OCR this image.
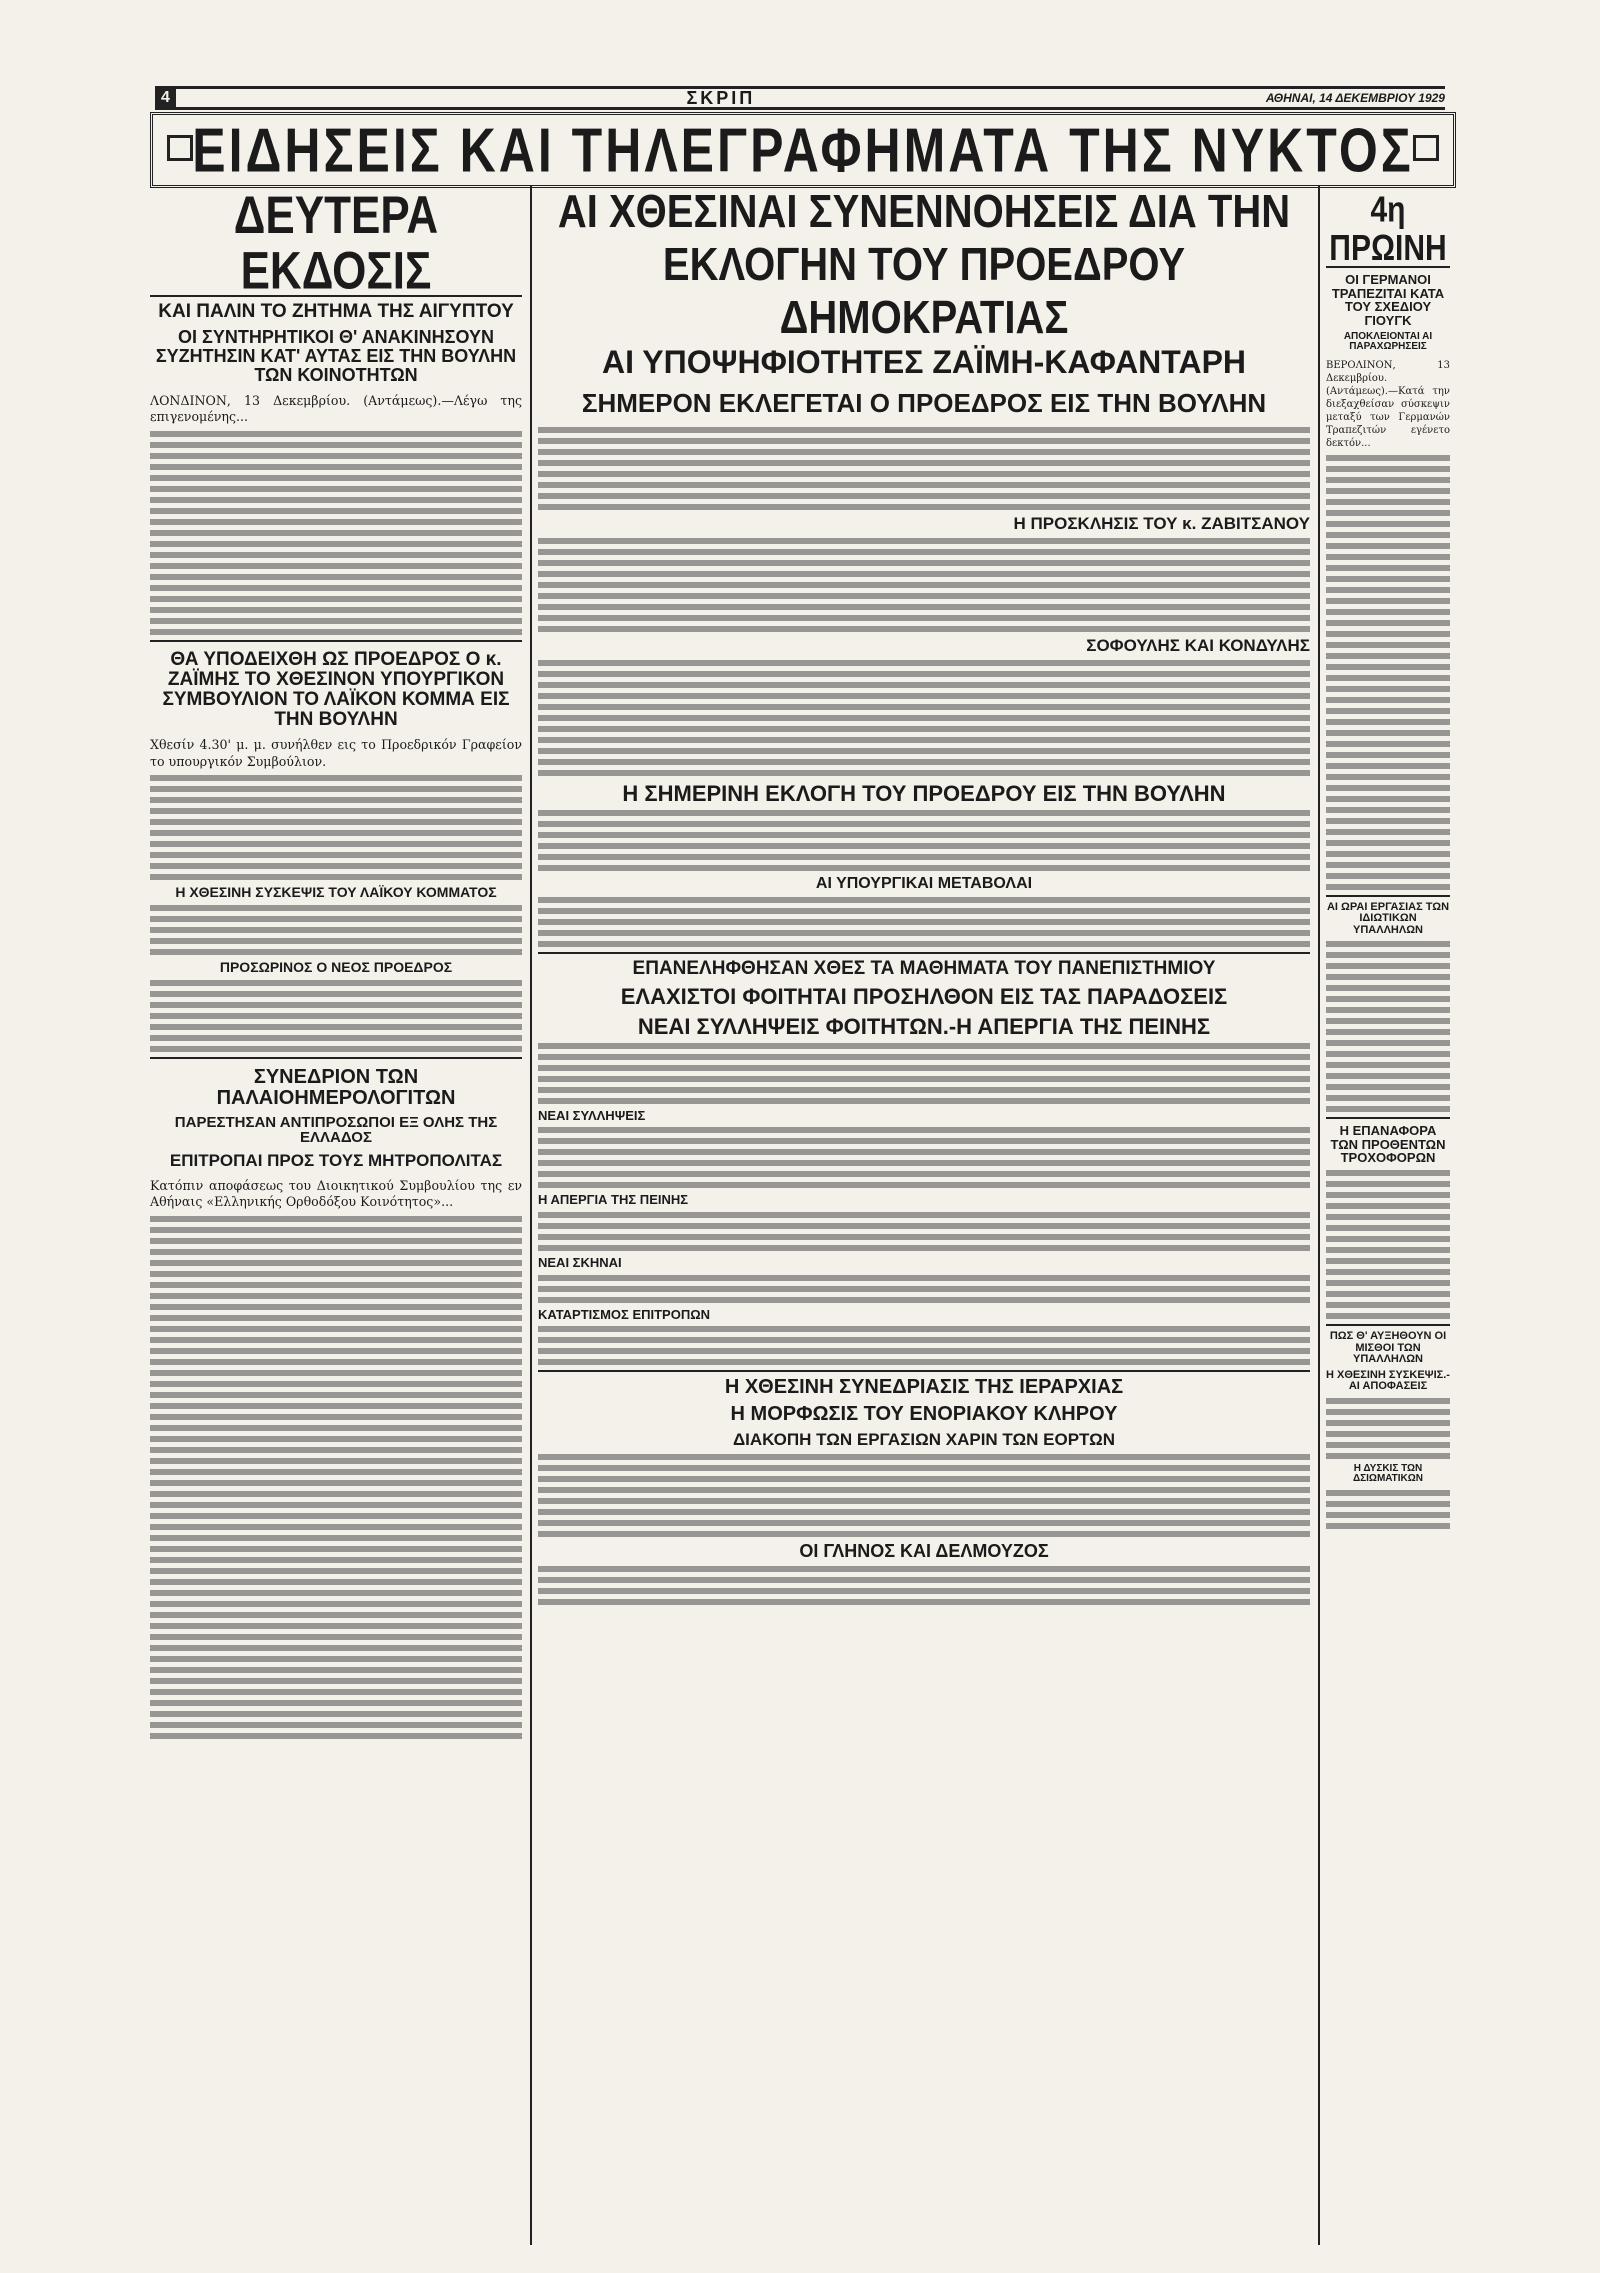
4	ΣΚΡΙΠ	ΑΘΗΝΑΙ, 14 ΔΕΚΕΜΒΡΙΟΥ 1929
ΕΙΔΗΣΕΙΣ ΚΑΙ ΤΗΛΕΓΡΑΦΗΜΑΤΑ ΤΗΣ ΝΥΚΤΟΣ
ΔΕΥΤΕΡΑ ΕΚΔΟΣΙΣ
ΚΑΙ ΠΑΛΙΝ ΤΟ ΖΗΤΗΜΑ ΤΗΣ ΑΙΓΥΠΤΟΥ
ΟΙ ΣΥΝΤΗΡΗΤΙΚΟΙ Θ' ΑΝΑΚΙΝΗΣΟΥΝ ΣΥΖΗΤΗΣΙΝ ΚΑΤ' ΑΥΤΑΣ ΕΙΣ ΤΗΝ ΒΟΥΛΗΝ ΤΩΝ ΚΟΙΝΟΤΗΤΩΝ

ΛΟΝΔΙΝΟΝ, 13 Δεκεμβρίου. (Αντάμεως).—Λέγω της επιγενομένης...

ΘΑ ΥΠΟΔΕΙΧΘΗ ΩΣ ΠΡΟΕΔΡΟΣ Ο κ. ΖΑΪΜΗΣ ΤΟ ΧΘΕΣΙΝΟΝ ΥΠΟΥΡΓΙΚΟΝ ΣΥΜΒΟΥΛΙΟΝ ΤΟ ΛΑΪΚΟΝ ΚΟΜΜΑ ΕΙΣ ΤΗΝ ΒΟΥΛΗΝ

Χθεσίν 4.30' μ. μ. συνήλθεν εις το Προεδρικόν Γραφείον το υπουργικόν Συμβούλιον.

Η ΧΘΕΣΙΝΗ ΣΥΣΚΕΨΙΣ ΤΟΥ ΛΑΪΚΟΥ ΚΟΜΜΑΤΟΣ
ΠΡΟΣΩΡΙΝΟΣ Ο ΝΕΟΣ ΠΡΟΕΔΡΟΣ
ΣΥΝΕΔΡΙΟΝ ΤΩΝ ΠΑΛΑΙΟΗΜΕΡΟΛΟΓΙΤΩΝ
ΠΑΡΕΣΤΗΣΑΝ ΑΝΤΙΠΡΟΣΩΠΟΙ ΕΞ ΟΛΗΣ ΤΗΣ ΕΛΛΑΔΟΣ
ΕΠΙΤΡΟΠΑΙ ΠΡΟΣ ΤΟΥΣ ΜΗΤΡΟΠΟΛΙΤΑΣ

Κατόπιν αποφάσεως του Διοικητικού Συμβουλίου της εν Αθήναις «Ελληνικής Ορθοδόξου Κοινότητος»...

ΑΙ ΧΘΕΣΙΝΑΙ ΣΥΝΕΝΝΟΗΣΕΙΣ ΔΙΑ ΤΗΝ ΕΚΛΟΓΗΝ ΤΟΥ ΠΡΟΕΔΡΟΥ ΔΗΜΟΚΡΑΤΙΑΣ
ΑΙ ΥΠΟΨΗΦΙΟΤΗΤΕΣ ΖΑΪΜΗ-ΚΑΦΑΝΤΑΡΗ
ΣΗΜΕΡΟΝ ΕΚΛΕΓΕΤΑΙ Ο ΠΡΟΕΔΡΟΣ ΕΙΣ ΤΗΝ ΒΟΥΛΗΝ
Η ΠΡΟΣΚΛΗΣΙΣ ΤΟΥ κ. ΖΑΒΙΤΣΑΝΟΥ
ΣΟΦΟΥΛΗΣ ΚΑΙ ΚΟΝΔΥΛΗΣ
Η ΣΗΜΕΡΙΝΗ ΕΚΛΟΓΗ ΤΟΥ ΠΡΟΕΔΡΟΥ ΕΙΣ ΤΗΝ ΒΟΥΛΗΝ
ΑΙ ΥΠΟΥΡΓΙΚΑΙ ΜΕΤΑΒΟΛΑΙ
ΕΠΑΝΕΛΗΦΘΗΣΑΝ ΧΘΕΣ ΤΑ ΜΑΘΗΜΑΤΑ ΤΟΥ ΠΑΝΕΠΙΣΤΗΜΙΟΥ
ΕΛΑΧΙΣΤΟΙ ΦΟΙΤΗΤΑΙ ΠΡΟΣΗΛΘΟΝ ΕΙΣ ΤΑΣ ΠΑΡΑΔΟΣΕΙΣ
ΝΕΑΙ ΣΥΛΛΗΨΕΙΣ ΦΟΙΤΗΤΩΝ.-Η ΑΠΕΡΓΙΑ ΤΗΣ ΠΕΙΝΗΣ
ΝΕΑΙ ΣΥΛΛΗΨΕΙΣ
Η ΑΠΕΡΓΙΑ ΤΗΣ ΠΕΙΝΗΣ
ΝΕΑΙ ΣΚΗΝΑΙ
ΚΑΤΑΡΤΙΣΜΟΣ ΕΠΙΤΡΟΠΩΝ
Η ΧΘΕΣΙΝΗ ΣΥΝΕΔΡΙΑΣΙΣ ΤΗΣ ΙΕΡΑΡΧΙΑΣ
Η ΜΟΡΦΩΣΙΣ ΤΟΥ ΕΝΟΡΙΑΚΟΥ ΚΛΗΡΟΥ
ΔΙΑΚΟΠΗ ΤΩΝ ΕΡΓΑΣΙΩΝ ΧΑΡΙΝ ΤΩΝ ΕΟΡΤΩΝ
ΟΙ ΓΛΗΝΟΣ ΚΑΙ ΔΕΛΜΟΥΖΟΣ
4η ΠΡΩΙΝΗ
ΟΙ ΓΕΡΜΑΝΟΙ ΤΡΑΠΕΖΙΤΑΙ ΚΑΤΑ ΤΟΥ ΣΧΕΔΙΟΥ ΓΙΟΥΓΚ
ΑΠΟΚΛΕΙΟΝΤΑΙ ΑΙ ΠΑΡΑΧΩΡΗΣΕΙΣ

ΒΕΡΟΛΙΝΟΝ, 13 Δεκεμβρίου. (Αντάμεως).—Κατά την διεξαχθείσαν σύσκεψιν μεταξύ των Γερμανών Τραπεζιτών εγένετο δεκτόν...

ΑΙ ΩΡΑΙ ΕΡΓΑΣΙΑΣ ΤΩΝ ΙΔΙΩΤΙΚΩΝ ΥΠΑΛΛΗΛΩΝ
Η ΕΠΑΝΑΦΟΡΑ ΤΩΝ ΠΡΟΘΕΝΤΩΝ ΤΡΟΧΟΦΟΡΩΝ
ΠΩΣ Θ' ΑΥΞΗΘΟΥΝ ΟΙ ΜΙΣΘΟΙ ΤΩΝ ΥΠΑΛΛΗΛΩΝ
Η ΧΘΕΣΙΝΗ ΣΥΣΚΕΨΙΣ.-ΑΙ ΑΠΟΦΑΣΕΙΣ
Η ΔΥΣΚΙΣ ΤΩΝ ΔΣΙΩΜΑΤΙΚΩΝ
